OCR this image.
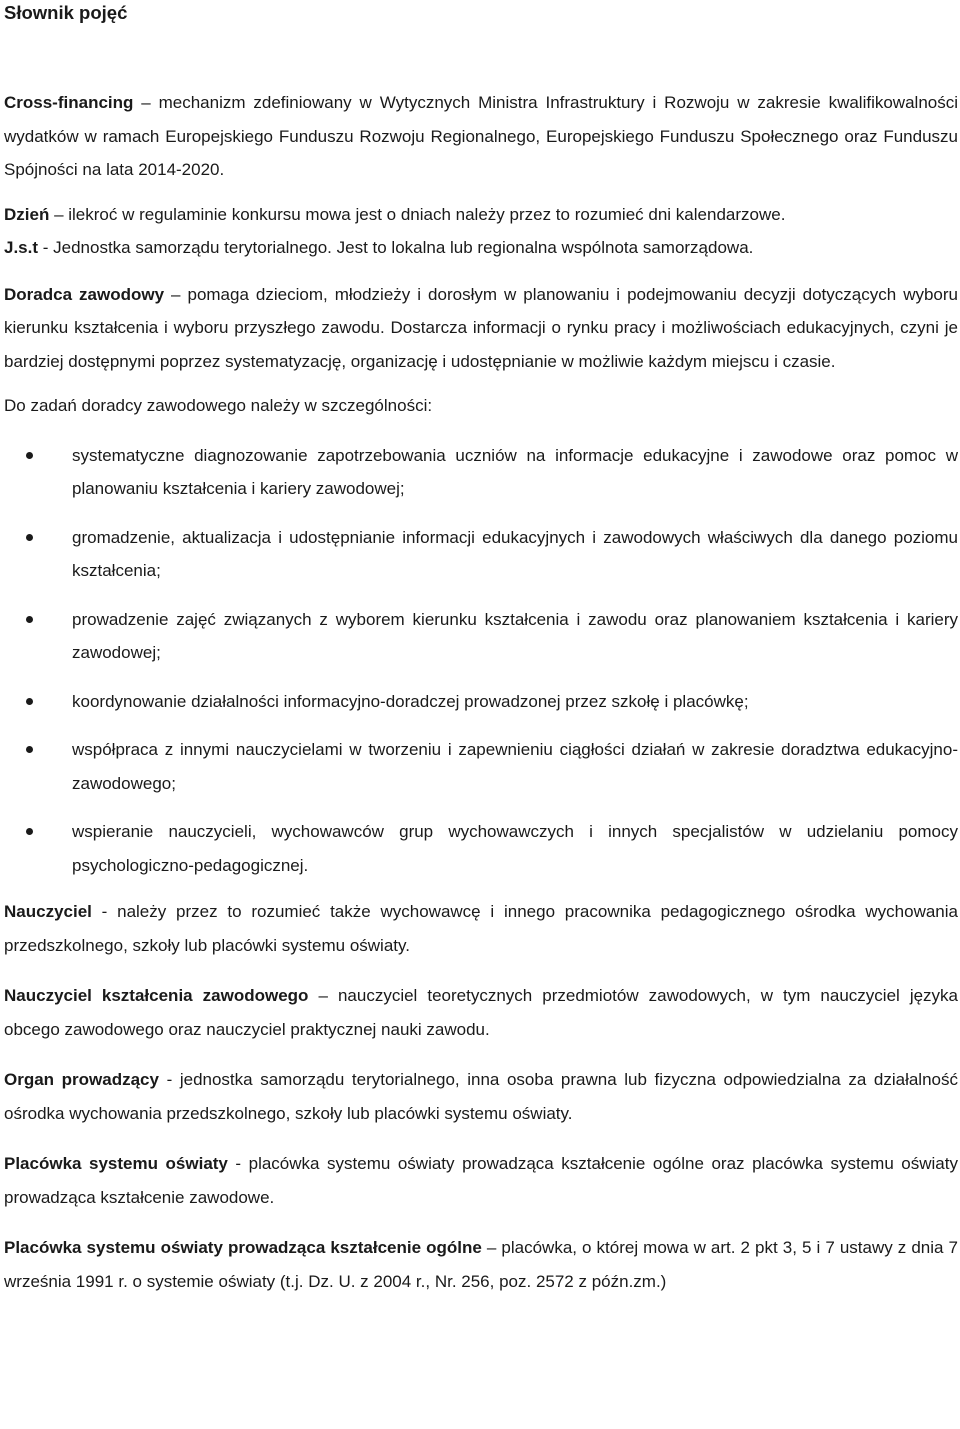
Słownik pojęć

Cross-financing – mechanizm zdefiniowany w Wytycznych Ministra Infrastruktury i Rozwoju w zakresie kwalifikowalności wydatków w ramach Europejskiego Funduszu Rozwoju Regionalnego, Europejskiego Funduszu Społecznego oraz Funduszu Spójności na lata 2014-2020.

Dzień – ilekroć w regulaminie konkursu mowa jest o dniach należy przez to rozumieć dni kalendarzowe.

J.s.t - Jednostka samorządu terytorialnego. Jest to lokalna lub regionalna wspólnota samorządowa.

Doradca zawodowy – pomaga dzieciom, młodzieży i dorosłym w planowaniu i podejmowaniu decyzji dotyczących wyboru kierunku kształcenia i wyboru przyszłego zawodu. Dostarcza informacji o rynku pracy i możliwościach edukacyjnych, czyni je bardziej dostępnymi poprzez systematyzację, organizację i udostępnianie w możliwie każdym miejscu i czasie.

Do zadań doradcy zawodowego należy w szczególności:

systematyczne diagnozowanie zapotrzebowania uczniów na informacje edukacyjne i zawodowe oraz pomoc w planowaniu kształcenia i kariery zawodowej;
gromadzenie, aktualizacja i udostępnianie informacji edukacyjnych i zawodowych właściwych dla danego poziomu kształcenia;
prowadzenie zajęć związanych z wyborem kierunku kształcenia i zawodu oraz planowaniem kształcenia i kariery zawodowej;
koordynowanie działalności informacyjno-doradczej prowadzonej przez szkołę i placówkę;
współpraca z innymi nauczycielami w tworzeniu i zapewnieniu ciągłości działań w zakresie doradztwa edukacyjno-zawodowego;
wspieranie nauczycieli, wychowawców grup wychowawczych i innych specjalistów w udzielaniu pomocy psychologiczno-pedagogicznej.

Nauczyciel - należy przez to rozumieć także wychowawcę i innego pracownika pedagogicznego ośrodka wychowania przedszkolnego, szkoły lub placówki systemu oświaty.

Nauczyciel kształcenia zawodowego – nauczyciel teoretycznych przedmiotów zawodowych, w tym nauczyciel języka obcego zawodowego oraz nauczyciel praktycznej nauki zawodu.

Organ prowadzący - jednostka samorządu terytorialnego, inna osoba prawna lub fizyczna odpowiedzialna za działalność ośrodka wychowania przedszkolnego, szkoły lub placówki systemu oświaty.

Placówka systemu oświaty - placówka systemu oświaty prowadząca kształcenie ogólne oraz placówka systemu oświaty prowadząca kształcenie zawodowe.

Placówka systemu oświaty prowadząca kształcenie ogólne – placówka, o której mowa w art. 2 pkt 3, 5 i 7 ustawy z dnia 7 września 1991 r. o systemie oświaty (t.j. Dz. U. z 2004 r., Nr. 256, poz. 2572 z późn.zm.)
